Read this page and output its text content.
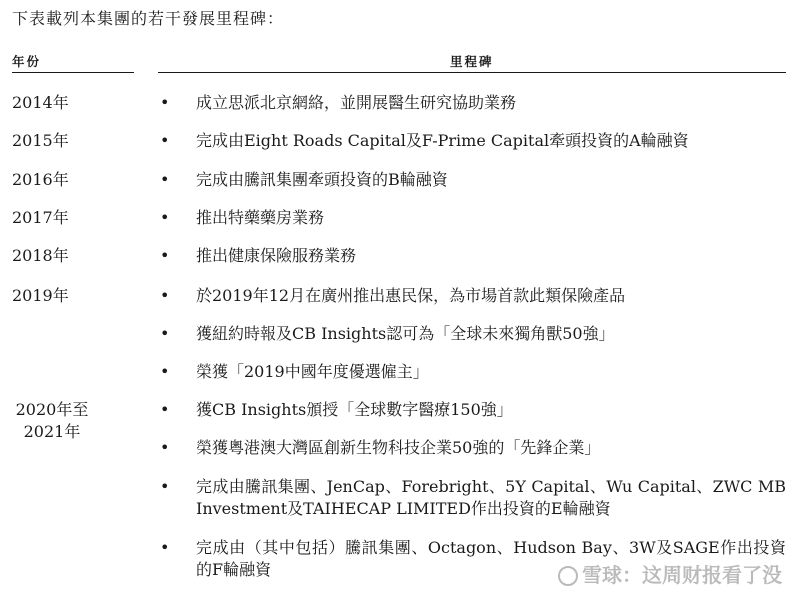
下表載列本集團的若干發展里程碑：
年份	里程碑
2014年	• 成立思派北京網絡，並開展醫生研究協助業務
2015年	• 完成由Eight Roads Capital及F-Prime Capital牽頭投資的A輪融資
2016年	• 完成由騰訊集團牽頭投資的B輪融資
2017年	• 推出特藥藥房業務
2018年	• 推出健康保險服務業務
2019年	• 於2019年12月在廣州推出惠民保，為市場首款此類保險產品
• 獲紐約時報及CB Insights認可為「全球未來獨角獸50強」
• 榮獲「2019中國年度優選僱主」
2020年至
2021年
• 獲CB Insights頒授「全球數字醫療150強」
• 榮獲粵港澳大灣區創新生物科技企業50強的「先鋒企業」
• 完成由騰訊集團、JenCap、Forebright、5Y Capital、Wu Capital、ZWC MB Investment及TAIHECAP LIMITED作出投資的E輪融資
• 完成由（其中包括）騰訊集團、Octagon、Hudson Bay、3W及SAGE作出投資的F輪融資	雪球：这周财报看了没
